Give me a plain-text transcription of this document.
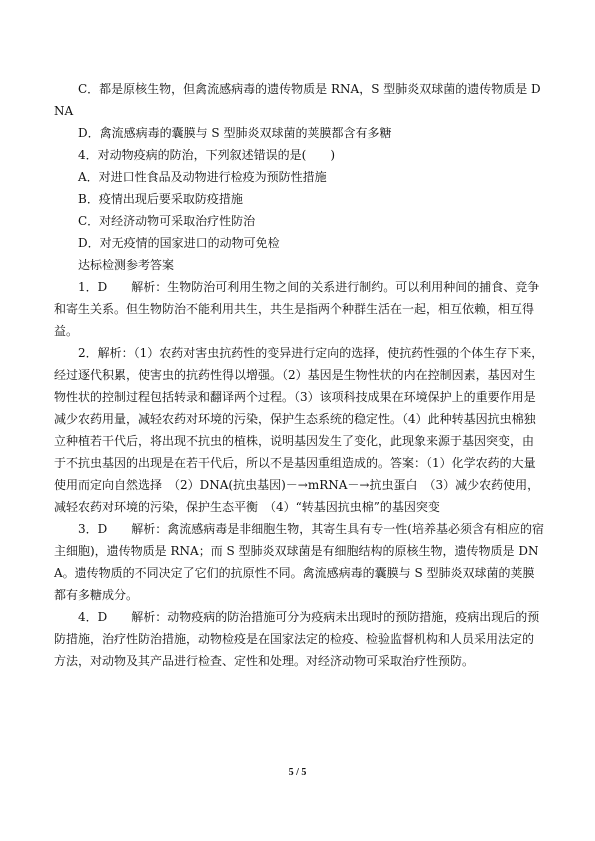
C．都是原核生物，但禽流感病毒的遗传物质是 RNA，S 型肺炎双球菌的遗传物质是 DNA

D．禽流感病毒的囊膜与 S 型肺炎双球菌的荚膜都含有多糖

4．对动物疫病的防治，下列叙述错误的是(　　)

A．对进口性食品及动物进行检疫为预防性措施

B．疫情出现后要采取防疫措施

C．对经济动物可采取治疗性防治

D．对无疫情的国家进口的动物可免检

达标检测参考答案

1．D　　解析：生物防治可利用生物之间的关系进行制约。可以利用种间的捕食、竞争和寄生关系。但生物防治不能利用共生，共生是指两个种群生活在一起，相互依赖，相互得益。

2．解析：（1）农药对害虫抗药性的变异进行定向的选择，使抗药性强的个体生存下来，经过逐代积累，使害虫的抗药性得以增强。（2）基因是生物性状的内在控制因素，基因对生物性状的控制过程包括转录和翻译两个过程。（3）该项科技成果在环境保护上的重要作用是减少农药用量，减轻农药对环境的污染，保护生态系统的稳定性。（4）此种转基因抗虫棉独立种植若干代后，将出现不抗虫的植株，说明基因发生了变化，此现象来源于基因突变，由于不抗虫基因的出现是在若干代后，所以不是基因重组造成的。答案：（1）化学农药的大量使用而定向自然选择　（2）DNA(抗虫基因)－→mRNA－→抗虫蛋白　（3）减少农药使用，减轻农药对环境的污染，保护生态平衡　（4）“转基因抗虫棉”的基因突变

3．D　　解析：禽流感病毒是非细胞生物，其寄生具有专一性(培养基必须含有相应的宿主细胞)，遗传物质是 RNA；而 S 型肺炎双球菌是有细胞结构的原核生物，遗传物质是 DNA。遗传物质的不同决定了它们的抗原性不同。禽流感病毒的囊膜与 S 型肺炎双球菌的荚膜都有多糖成分。

4．D　　解析：动物疫病的防治措施可分为疫病未出现时的预防措施，疫病出现后的预防措施，治疗性防治措施，动物检疫是在国家法定的检疫、检验监督机构和人员采用法定的方法，对动物及其产品进行检查、定性和处理。对经济动物可采取治疗性预防。

5 / 5
